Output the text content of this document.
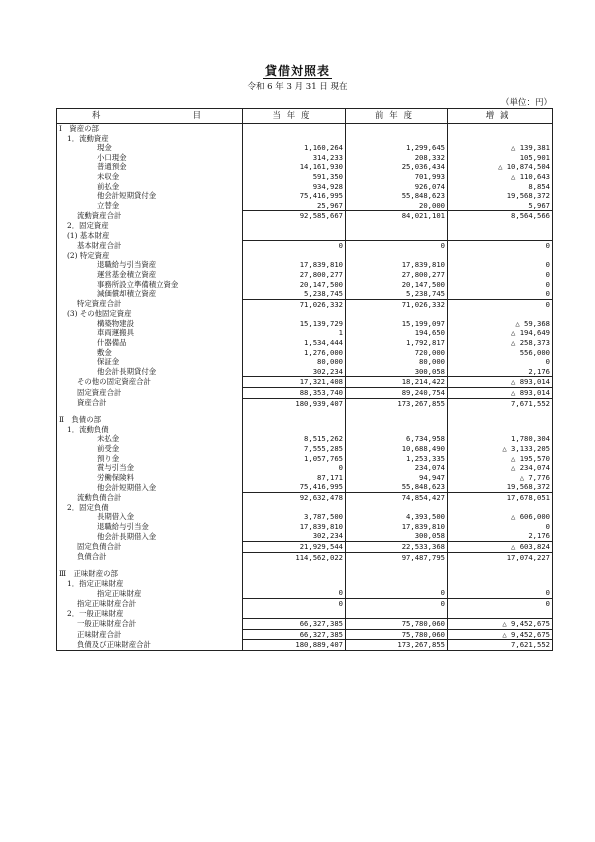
貸借対照表
令和 6 年 3 月 31 日 現在
（単位：円）
科　　　　　　目	当年度	前年度	増減
Ⅰ　資産の部			
1．流動資産			
現金	1,160,264	1,299,645	△ 139,381
小口現金	314,233	208,332	105,901
普通預金	14,161,930	25,036,434	△ 10,874,504
未収金	591,350	701,993	△ 110,643
前払金	934,928	926,074	8,854
他会計短期貸付金	75,416,995	55,848,623	19,568,372
立替金	25,967	20,000	5,967
流動資産合計	92,585,667	84,021,101	8,564,566
2．固定資産			
(1) 基本財産			
基本財産合計	0	0	0
(2) 特定資産			
退職給与引当資産	17,839,810	17,839,810	0
運営基金積立資産	27,800,277	27,800,277	0
事務所設立準備積立資金	20,147,500	20,147,500	0
減価償却積立資産	5,238,745	5,238,745	0
特定資産合計	71,026,332	71,026,332	0
(3) その他固定資産			
構築物建設	15,139,729	15,199,097	△ 59,368
車両運搬具	1	194,650	△ 194,649
什器備品	1,534,444	1,792,817	△ 258,373
敷金	1,276,000	720,000	556,000
保証金	80,000	80,000	0
他会計長期貸付金	302,234	300,058	2,176
その他の固定資産合計	17,321,408	18,214,422	△ 893,014
固定資産合計	88,353,740	89,240,754	△ 893,014
資産合計	180,939,407	173,267,855	7,671,552

Ⅱ　負債の部			
1．流動負債			
未払金	8,515,262	6,734,958	1,780,304
前受金	7,555,285	10,688,490	△ 3,133,205
預り金	1,057,765	1,253,335	△ 195,570
賞与引当金	0	234,074	△ 234,074
労働保険料	87,171	94,947	△ 7,776
他会計短期借入金	75,416,995	55,848,623	19,568,372
流動負債合計	92,632,478	74,854,427	17,678,051
2．固定負債			
長期借入金	3,787,500	4,393,500	△ 606,000
退職給与引当金	17,839,810	17,839,810	0
他会計長期借入金	302,234	300,058	2,176
固定負債合計	21,929,544	22,533,368	△ 603,824
負債合計	114,562,022	97,487,795	17,074,227

Ⅲ　正味財産の部			
1．指定正味財産			
指定正味財産	0	0	0
指定正味財産合計	0	0	0
2．一般正味財産			
一般正味財産合計	66,327,385	75,780,060	△ 9,452,675
正味財産合計	66,327,385	75,780,060	△ 9,452,675
負債及び正味財産合計	180,889,407	173,267,855	7,621,552
